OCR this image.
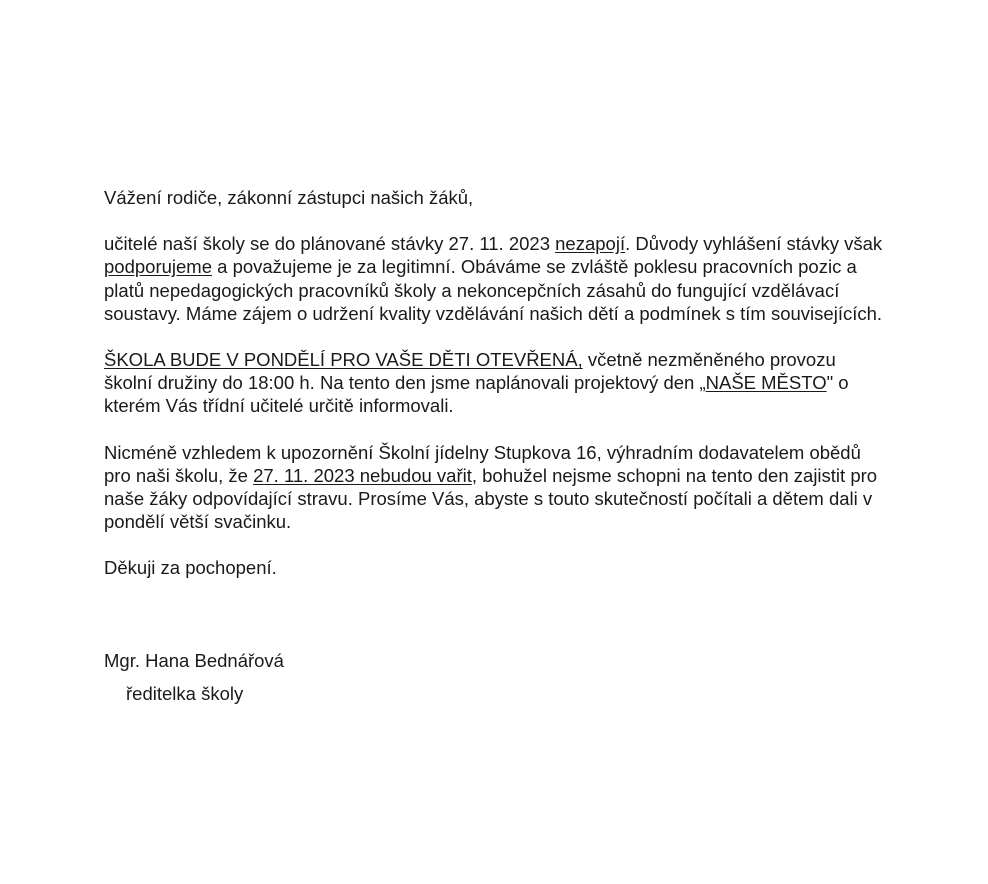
Vážení rodiče, zákonní zástupci našich žáků,

učitelé naší školy se do plánované stávky 27. 11. 2023 nezapojí. Důvody vyhlášení stávky však podporujeme a považujeme je za legitimní. Obáváme se zvláště poklesu pracovních pozic a platů nepedagogických pracovníků školy a nekoncepčních zásahů do fungující vzdělávací soustavy. Máme zájem o udržení kvality vzdělávání našich dětí a podmínek s tím souvisejících.

ŠKOLA BUDE V PONDĚLÍ PRO VAŠE DĚTI OTEVŘENÁ, včetně nezměněného provozu školní družiny do 18:00 h. Na tento den jsme naplánovali projektový den „NAŠE MĚSTO" o kterém Vás třídní učitelé určitě informovali.

Nicméně vzhledem k upozornění Školní jídelny Stupkova 16, výhradním dodavatelem obědů pro naši školu, že 27. 11. 2023 nebudou vařit, bohužel nejsme schopni na tento den zajistit pro naše žáky odpovídající stravu. Prosíme Vás, abyste s touto skutečností počítali a dětem dali v pondělí větší svačinku.

Děkuji za pochopení.

Mgr. Hana Bednářová
ředitelka školy
